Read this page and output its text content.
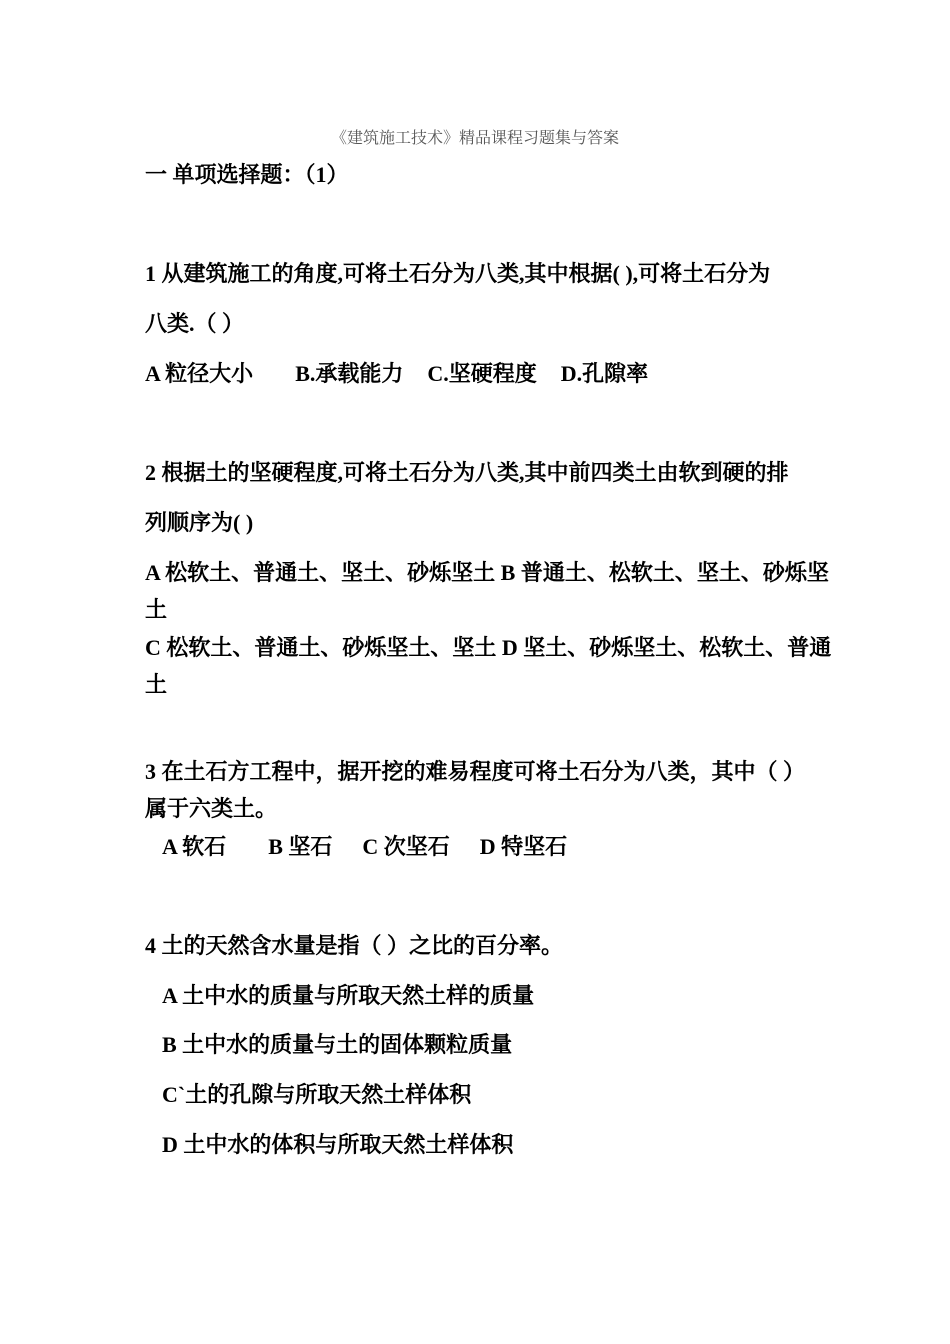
《建筑施工技术》精品课程习题集与答案
一 单项选择题：（1）
1 从建筑施工的角度,可将土石分为八类,其中根据( ),可将土石分为
八类.（ ）
A 粒径大小 B.承载能力 C.坚硬程度 D.孔隙率
2 根据土的坚硬程度,可将土石分为八类,其中前四类土由软到硬的排
列顺序为( )
A 松软土、普通土、坚土、砂烁坚土 B 普通土、松软土、坚土、砂烁坚
土
C 松软土、普通土、砂烁坚土、坚土 D 坚土、砂烁坚土、松软土、普通
土
3 在土石方工程中，据开挖的难易程度可将土石分为八类，其中（ ）
属于六类土。
A 软石 B 坚石 C 次坚石 D 特坚石
4 土的天然含水量是指（ ）之比的百分率。
A 土中水的质量与所取天然土样的质量
B 土中水的质量与土的固体颗粒质量
C`土的孔隙与所取天然土样体积
D 土中水的体积与所取天然土样体积
